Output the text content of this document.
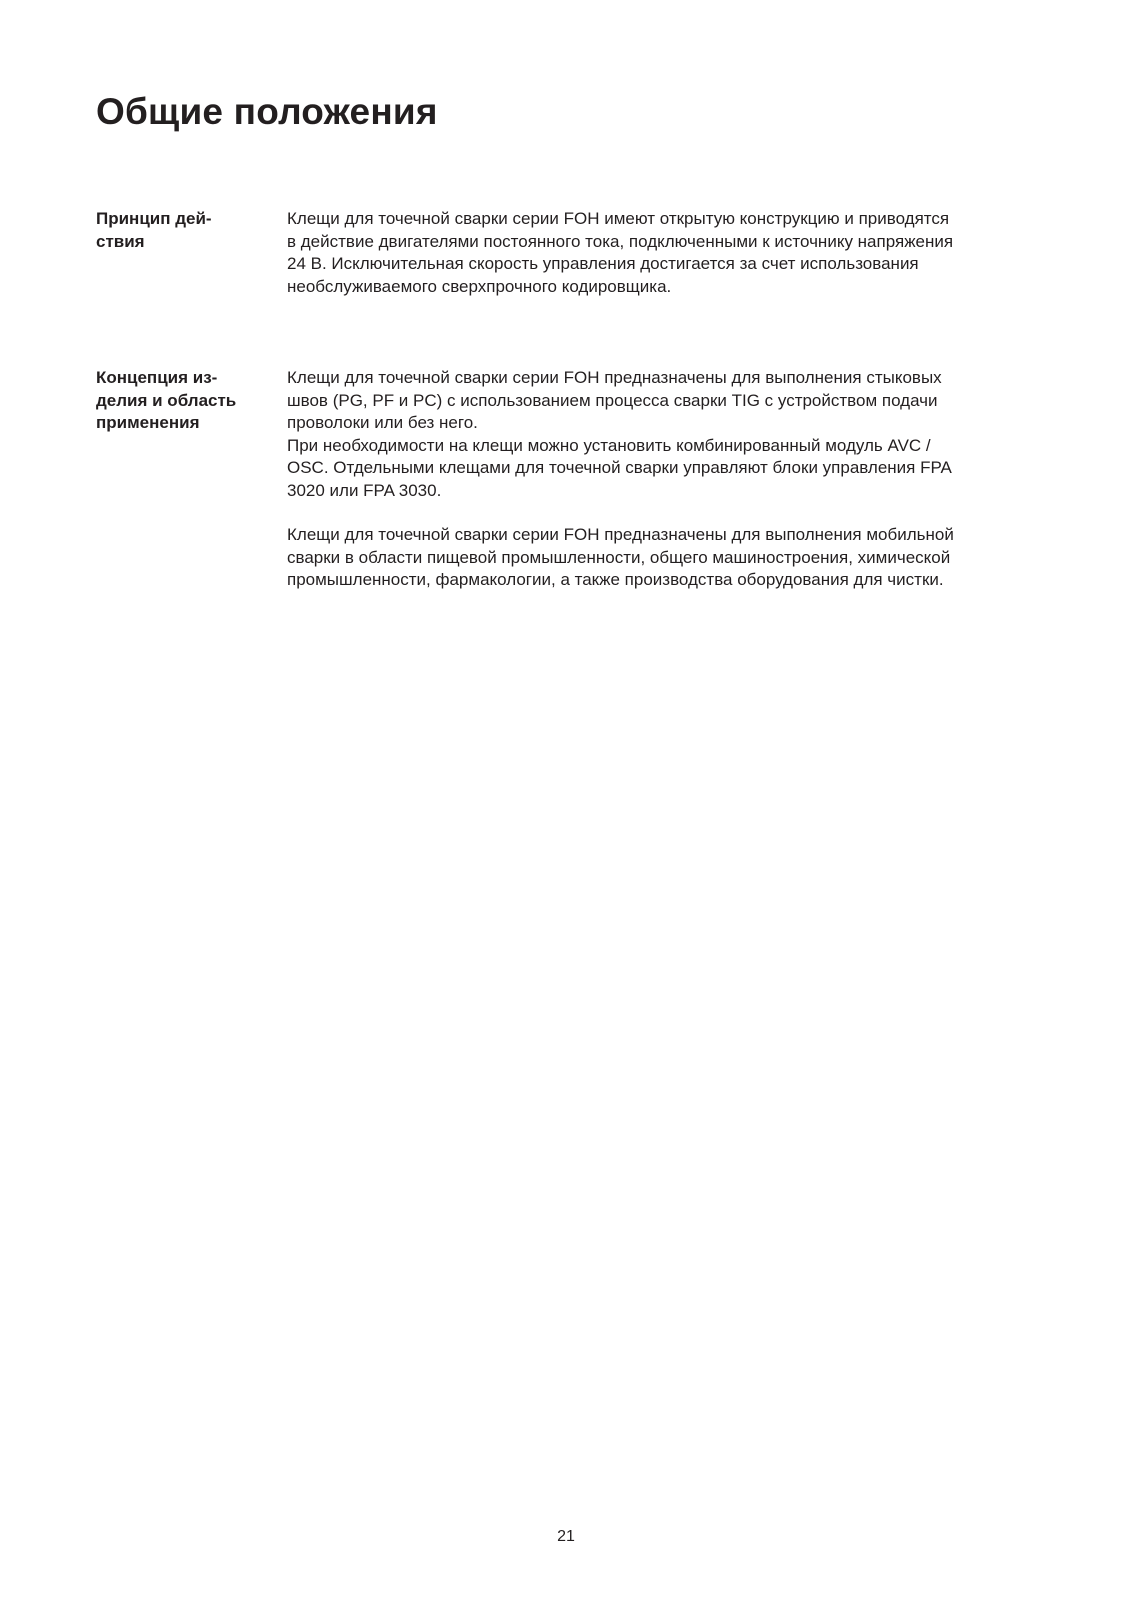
Общие положения
Принцип дей-
ствия

Клещи для точечной сварки серии FOH имеют открытую конструкцию и приводятся
в действие двигателями постоянного тока, подключенными к источнику напряжения
24 В. Исключительная скорость управления достигается за счет использования
необслуживаемого сверхпрочного кодировщика.

Концепция из-
делия и область
применения

Клещи для точечной сварки серии FOH предназначены для выполнения стыковых
швов (PG, PF и PC) с использованием процесса сварки TIG с устройством подачи
проволоки или без него.

При необходимости на клещи можно установить комбинированный модуль AVC /
OSC. Отдельными клещами для точечной сварки управляют блоки управления FPA
3020 или FPA 3030.

Клещи для точечной сварки серии FOH предназначены для выполнения мобильной
сварки в области пищевой промышленности, общего машиностроения, химической
промышленности, фармакологии, а также производства оборудования для чистки.

21
